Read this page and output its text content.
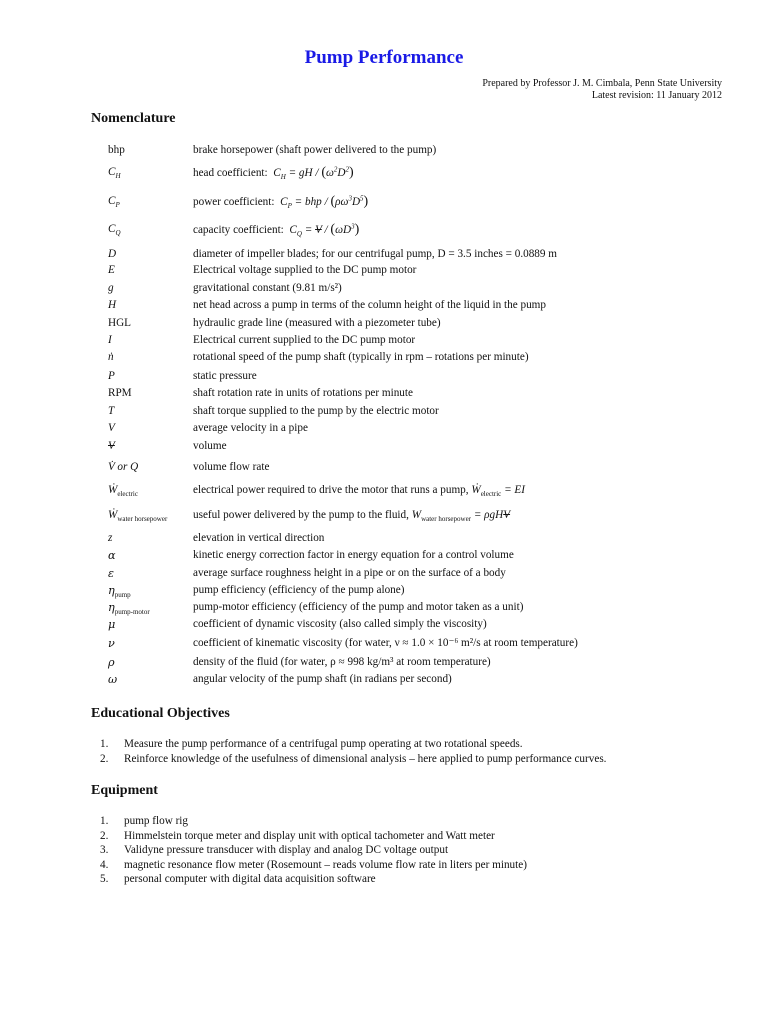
Pump Performance
Prepared by Professor J. M. Cimbala, Penn State University
Latest revision: 11 January 2012
Nomenclature
bhp	brake horsepower (shaft power delivered to the pump)
$C_H$	head coefficient: $C_H$ = gH / $(\omega^2D^2)$
$C_P$	power coefficient: $C_P$ = bhp / $(\rho\omega^3D^5)$
$C_Q$	capacity coefficient: $C_Q = V / (\omega D^3)$
D	diameter of impeller blades; for our centrifugal pump, D = 3.5 inches = 0.0889 m
E	Electrical voltage supplied to the DC pump motor
g	gravitational constant (9.81 m/s²)
H	net head across a pump in terms of the column height of the liquid in the pump
HGL	hydraulic grade line (measured with a piezometer tube)
I	Electrical current supplied to the DC pump motor
ṅ	rotational speed of the pump shaft (typically in rpm – rotations per minute)
P	static pressure
RPM	shaft rotation rate in units of rotations per minute
T	shaft torque supplied to the pump by the electric motor
V	average velocity in a pipe
V	volume
V̇ or Q	volume flow rate
Ẇ$_{electric}$	electrical power required to drive the motor that runs a pump, Ẇ$_{electric}$ = EI
Ẇ$_{water horsepower}$	useful power delivered by the pump to the fluid, $W_{water horsepower} = \rho gHV$
z	elevation in vertical direction
α	kinetic energy correction factor in energy equation for a control volume
ε	average surface roughness height in a pipe or on the surface of a body
$\eta_{pump}$	pump efficiency (efficiency of the pump alone)
$\eta_{pump-motor}$	pump-motor efficiency (efficiency of the pump and motor taken as a unit)
μ	coefficient of dynamic viscosity (also called simply the viscosity)
ν	coefficient of kinematic viscosity (for water, ν ≈ 1.0 × 10⁻⁶ m²/s at room temperature)
ρ	density of the fluid (for water, ρ ≈ 998 kg/m³ at room temperature)
ω	angular velocity of the pump shaft (in radians per second)
Educational Objectives
1. Measure the pump performance of a centrifugal pump operating at two rotational speeds.
2. Reinforce knowledge of the usefulness of dimensional analysis – here applied to pump performance curves.
Equipment
1. pump flow rig
2. Himmelstein torque meter and display unit with optical tachometer and Watt meter
3. Validyne pressure transducer with display and analog DC voltage output
4. magnetic resonance flow meter (Rosemount – reads volume flow rate in liters per minute)
5. personal computer with digital data acquisition software
